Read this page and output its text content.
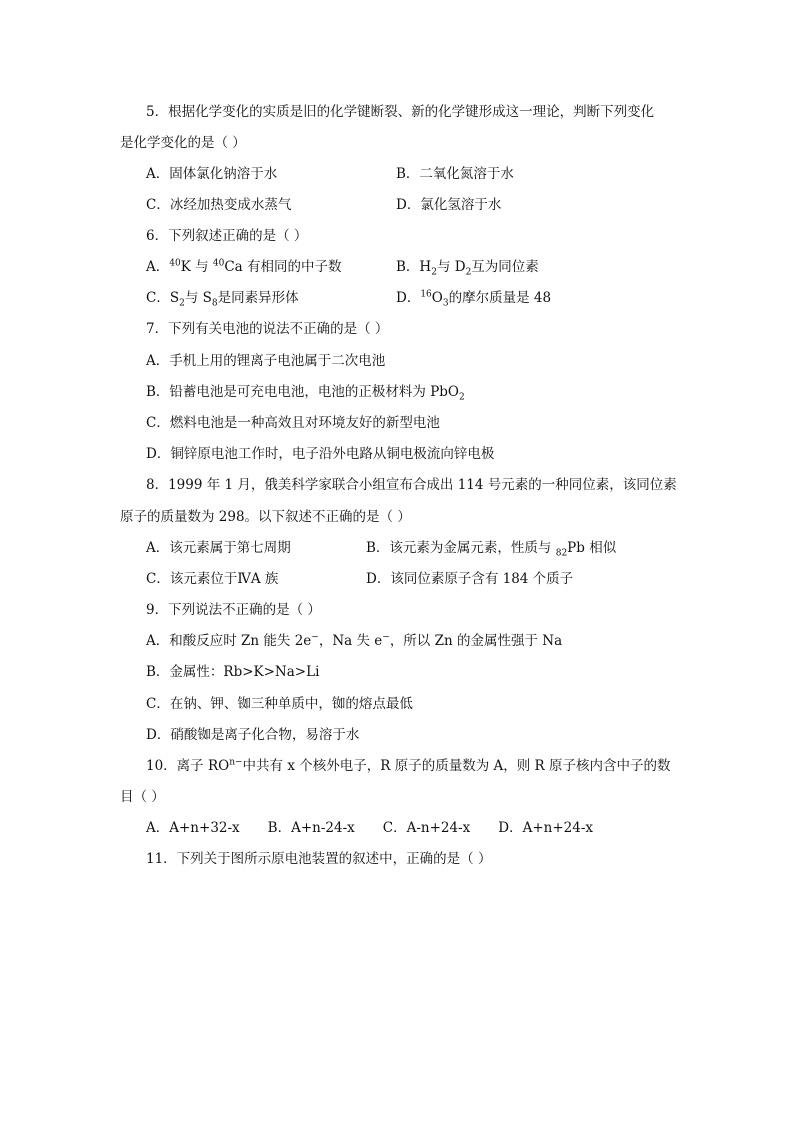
5．根据化学变化的实质是旧的化学键断裂、新的化学键形成这一理论，判断下列变化
是化学变化的是（ ）
A．固体氯化钠溶于水	B．二氧化氮溶于水
C．冰经加热变成水蒸气	D．氯化氢溶于水
6．下列叙述正确的是（ ）
A．$^{40}$K 与 $^{40}$Ca 有相同的中子数	B．$H_2$与 $D_2$互为同位素
C．$S_2$与 $S_8$是同素异形体	D．$^{16}O_3$的摩尔质量是 48
7．下列有关电池的说法不正确的是（ ）
A．手机上用的锂离子电池属于二次电池
B．铅蓄电池是可充电电池，电池的正极材料为 PbO$_2$
C．燃料电池是一种高效且对环境友好的新型电池
D．铜锌原电池工作时，电子沿外电路从铜电极流向锌电极
8．1999 年 1 月，俄美科学家联合小组宣布合成出 114 号元素的一种同位素，该同位素
原子的质量数为 298。以下叙述不正确的是（ ）
A．该元素属于第七周期	B．该元素为金属元素，性质与 $_{82}$Pb 相似
C．该元素位于ⅣA 族	D．该同位素原子含有 184 个质子
9．下列说法不正确的是（ ）
A．和酸反应时 Zn 能失 2e−，Na 失 e−，所以 Zn 的金属性强于 Na
B．金属性：Rb>K>Na>Li
C．在钠、钾、铷三种单质中，铷的熔点最低
D．硝酸铷是离子化合物，易溶于水
10．离子 $RO^{n-}$中共有 x 个核外电子，R 原子的质量数为 A，则 R 原子核内含中子的数
目（ ）
A．A+n+32-x B．A+n-24-x C．A-n+24-x D．A+n+24-x
11．下列关于图所示原电池装置的叙述中，正确的是（ ）
